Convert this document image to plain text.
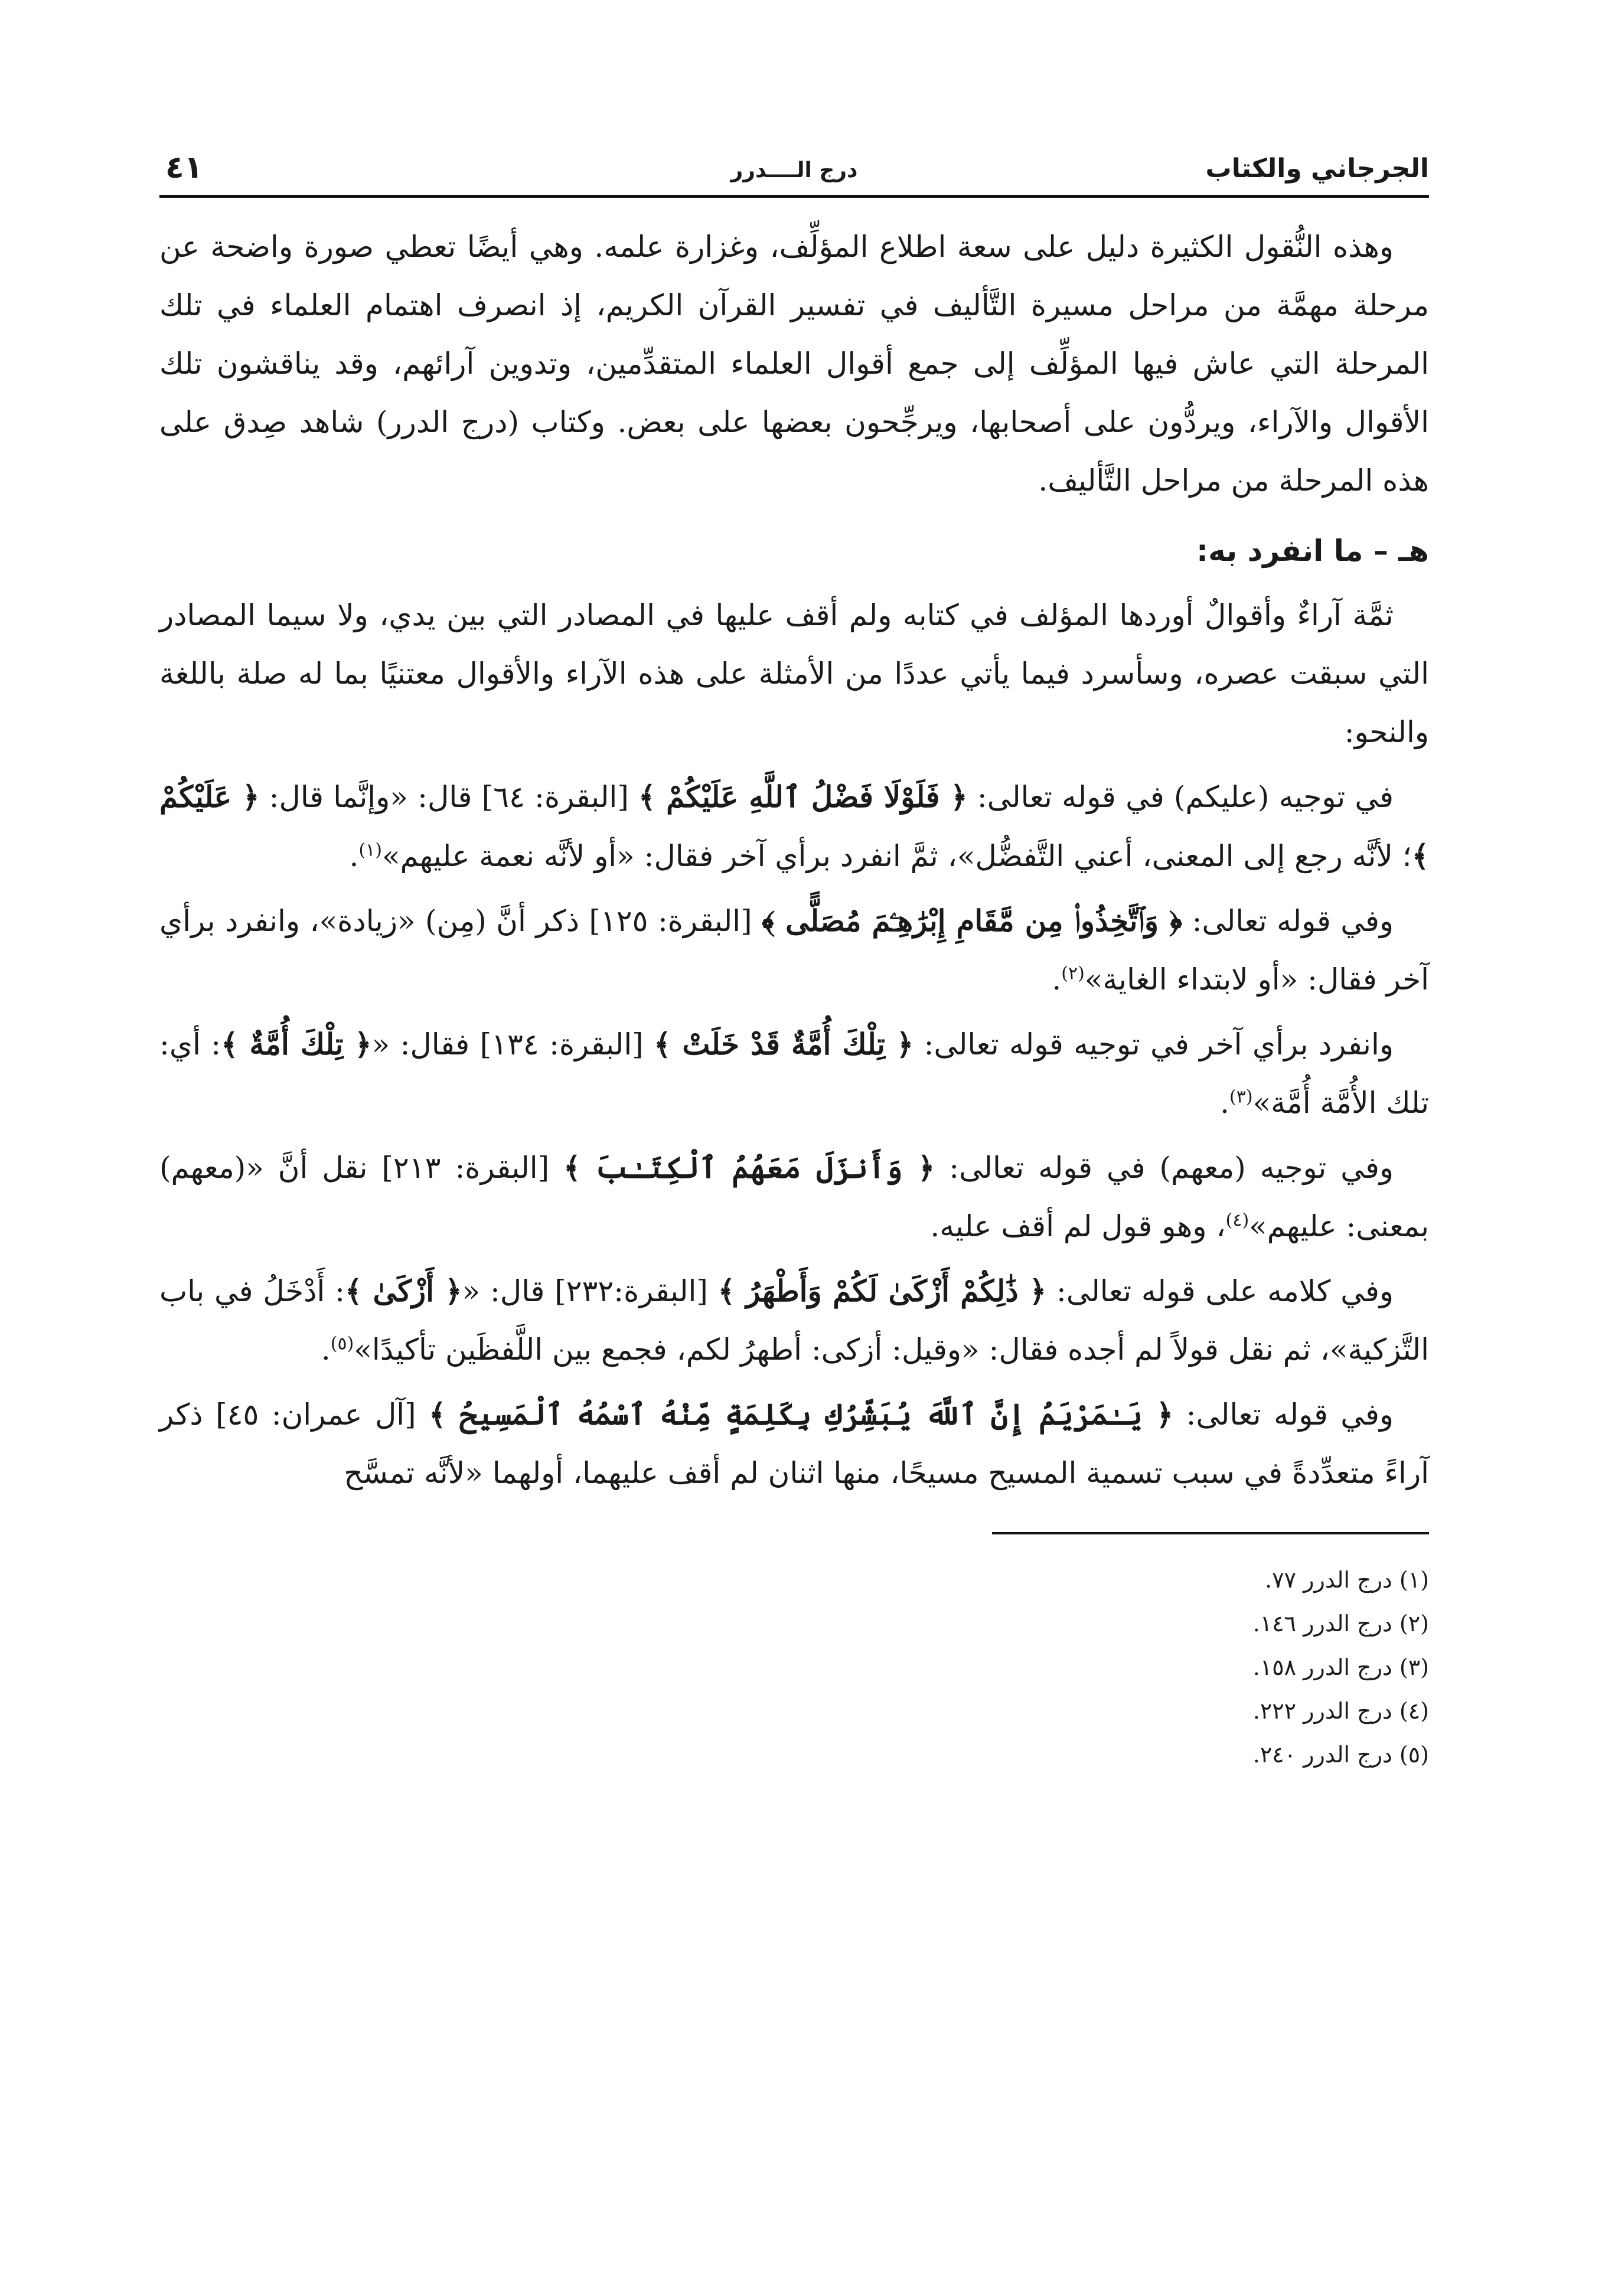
الجرجاني والكتاب
درج الــــدرر
٤١

وهذه النُّقول الكثيرة دليل على سعة اطلاع المؤلِّف، وغزارة علمه. وهي أيضًا تعطي صورة واضحة عن مرحلة مهمَّة من مراحل مسيرة التَّأليف في تفسير القرآن الكريم، إذ انصرف اهتمام العلماء في تلك المرحلة التي عاش فيها المؤلِّف إلى جمع أقوال العلماء المتقدِّمين، وتدوين آرائهم، وقد يناقشون تلك الأقوال والآراء، ويردُّون على أصحابها، ويرجِّحون بعضها على بعض. وكتاب (درج الدرر) شاهد صِدق على هذه المرحلة من مراحل التَّأليف.

هـ – ما انفرد به:

ثمَّة آراءٌ وأقوالٌ أوردها المؤلف في كتابه ولم أقف عليها في المصادر التي بين يدي، ولا سيما المصادر التي سبقت عصره، وسأسرد فيما يأتي عددًا من الأمثلة على هذه الآراء والأقوال معتنيًا بما له صلة باللغة والنحو:

في توجيه (عليكم) في قوله تعالى: ﴿ فَلَوْلَا فَضْلُ ٱللَّهِ عَلَيْكُمْ ﴾ [البقرة: ٦٤] قال: «وإنَّما قال: ﴿ عَلَيْكُمْ ﴾؛ لأنَّه رجع إلى المعنى، أعني التَّفضُّل»، ثمَّ انفرد برأي آخر فقال: «أو لأنَّه نعمة عليهم»$^{(١)}$.

وفي قوله تعالى: ﴿ وَٱتَّخِذُوا۟ مِن مَّقَامِ إِبْرَٰهِـۧمَ مُصَلًّى ﴾ [البقرة: ١٢٥] ذكر أنَّ (مِن) «زيادة»، وانفرد برأي آخر فقال: «أو لابتداء الغاية»$^{(٢)}$.

وانفرد برأي آخر في توجيه قوله تعالى: ﴿ تِلْكَ أُمَّةٌ قَدْ خَلَتْ ﴾ [البقرة: ١٣٤] فقال: «﴿ تِلْكَ أُمَّةٌ ﴾: أي: تلك الأُمَّة أُمَّة»$^{(٣)}$.

وفي توجيه (معهم) في قوله تعالى: ﴿ وَأَنزَلَ مَعَهُمُ ٱلْكِتَـٰبَ ﴾ [البقرة: ٢١٣] نقل أنَّ «(معهم) بمعنى: عليهم»$^{(٤)}$، وهو قول لم أقف عليه.

وفي كلامه على قوله تعالى: ﴿ ذَٰلِكُمْ أَزْكَىٰ لَكُمْ وَأَطْهَرُ ﴾ [البقرة:٢٣٢] قال: «﴿ أَزْكَىٰ ﴾: أَدْخَلُ في باب التَّزكية»، ثم نقل قولاً لم أجده فقال: «وقيل: أزكى: أطهرُ لكم، فجمع بين اللَّفظَين تأكيدًا»$^{(٥)}$.

وفي قوله تعالى: ﴿ يَـٰمَرْيَمُ إِنَّ ٱللَّهَ يُبَشِّرُكِ بِكَلِمَةٍ مِّنْهُ ٱسْمُهُ ٱلْمَسِيحُ ﴾ [آل عمران: ٤٥] ذكر آراءً متعدِّدةً في سبب تسمية المسيح مسيحًا، منها اثنان لم أقف عليهما، أولهما «لأنَّه تمسَّح

(١) درج الدرر ٧٧.
(٢) درج الدرر ١٤٦.
(٣) درج الدرر ١٥٨.
(٤) درج الدرر ٢٢٢.
(٥) درج الدرر ٢٤٠.
